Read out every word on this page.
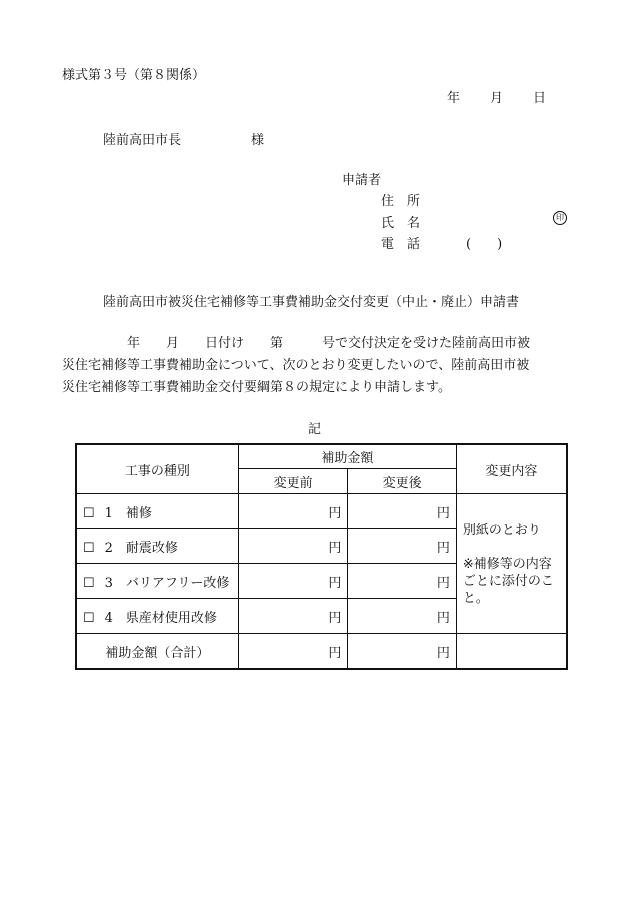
様式第３号（第８関係）
年 月 日
陸前高田市長	様
申請者
住　所
氏　名	印
電　話	(　　)
陸前高田市被災住宅補修等工事費補助金交付変更（中止・廃止）申請書
　　　　　年　　月　　日付け　　第　　　号で交付決定を受けた陸前高田市被
災住宅補修等工事費補助金について、次のとおり変更したいので、陸前高田市被
災住宅補修等工事費補助金交付要綱第８の規定により申請します。
記
工事の種別	補助金額		変更内容
	変更前	変更後	
☐ 1　補修	円	円	別紙のとおり

※補修等の内容ごとに添付のこと。
☐ 2　耐震改修	円	円	
☐ 3　バリアフリー改修	円	円	
☐ 4　県産材使用改修	円	円	
補助金額（合計）	円	円	
